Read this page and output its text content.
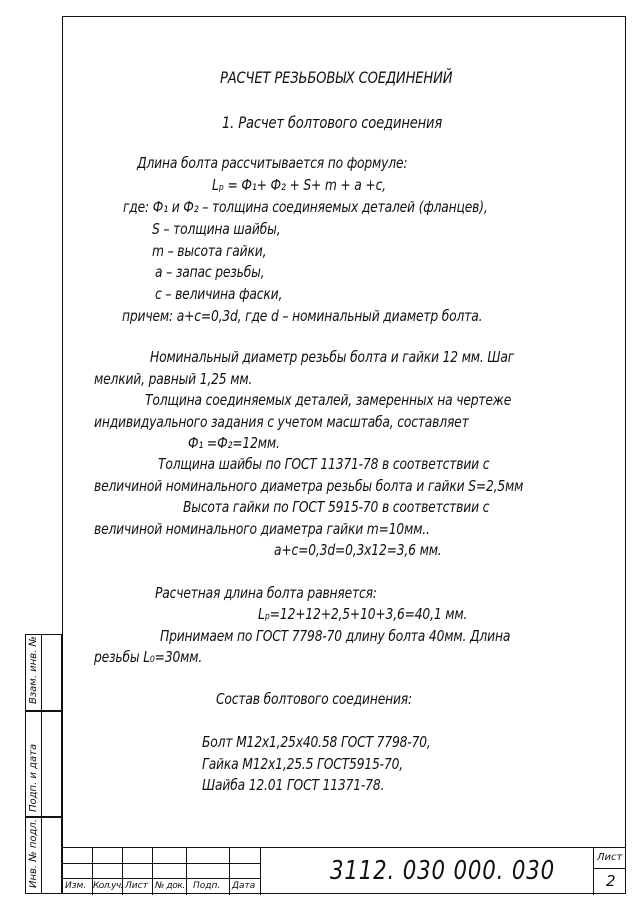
Взам. инв. №
Подп. и дата
Инв. № подл.
РАСЧЕТ РЕЗЬБОВЫХ СОЕДИНЕНИЙ
1. Расчет болтового соединения
Длина болта рассчитывается по формуле:
Lₚ = Ф₁+ Ф₂ + S+ m + a +c,
где: Ф₁ и Ф₂ – толщина соединяемых деталей (фланцев),
S – толщина шайбы,
m – высота гайки,
a – запас резьбы,
c – величина фаски,
причем: a+c=0,3d, где d – номинальный диаметр болта.
Номинальный диаметр резьбы болта и гайки 12 мм. Шаг
мелкий, равный 1,25 мм.
Толщина соединяемых деталей, замеренных на чертеже
индивидуального задания с учетом масштаба, составляет
Ф₁ =Ф₂=12мм.
Толщина шайбы по ГОСТ 11371-78 в соответствии с
величиной номинального диаметра резьбы болта и гайки S=2,5мм
Высота гайки по ГОСТ 5915-70 в соответствии с
величиной номинального диаметра гайки m=10мм..
a+c=0,3d=0,3х12=3,6 мм.
Расчетная длина болта равняется:
Lₚ=12+12+2,5+10+3,6=40,1 мм.
Принимаем по ГОСТ 7798-70 длину болта 40мм. Длина
резьбы L₀=30мм.
Состав болтового соединения:
Болт М12х1,25х40.58 ГОСТ 7798-70,
Гайка М12х1,25.5 ГОСТ5915-70,
Шайба 12.01 ГОСТ 11371-78.
Изм. Кол.уч. Лист № док. Подп. Дата
Лист
2
3112. 030 000. 030
